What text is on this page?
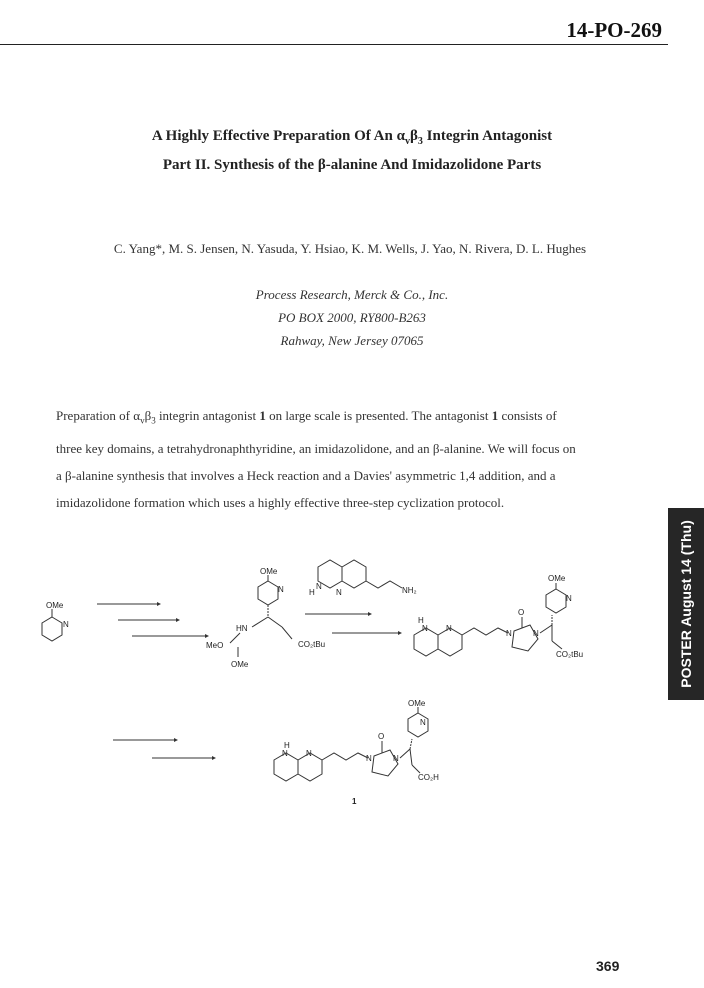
14-PO-269
A Highly Effective Preparation Of An $\alpha_v\beta_3$ Integrin Antagonist
Part II. Synthesis of the β-alanine And Imidazolidone Parts
C. Yang*, M. S. Jensen, N. Yasuda, Y. Hsiao, K. M. Wells, J. Yao, N. Rivera, D. L. Hughes
Process Research, Merck & Co., Inc.
PO BOX 2000, RY800-B263
Rahway, New Jersey 07065
Preparation of $\alpha_v\beta_3$ integrin antagonist 1 on large scale is presented. The antagonist 1 consists of three key domains, a tetrahydronaphthyridine, an imidazolidone, and an β-alanine. We will focus on a β-alanine synthesis that involves a Heck reaction and a Davies' asymmetric 1,4 addition, and a imidazolidone formation which uses a highly effective three-step cyclization protocol.
OMe
N
OMe
N
HN
MeO
OMe
CO₂tBu
H
N
N	NH₂
H
N N
N	N
O
OMe
N
CO₂tBu
H
N N
N	N
O
OMe
N
CO₂H
1
POSTER August 14 (Thu)
369
